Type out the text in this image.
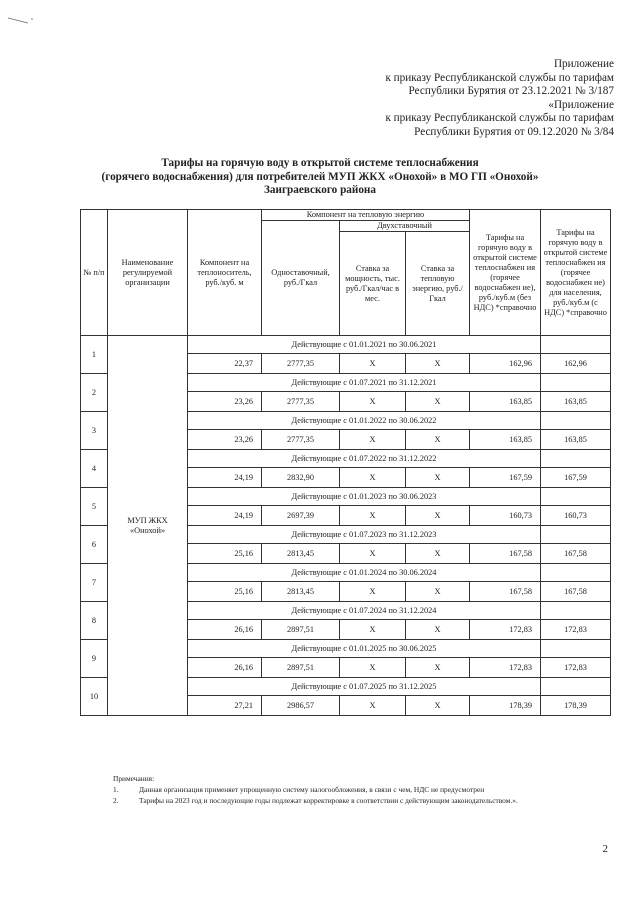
Приложение
к приказу Республиканской службы по тарифам
Республики Бурятия от 23.12.2021 № 3/187
«Приложение
к приказу Республиканской службы по тарифам
Республики Бурятия от 09.12.2020 № 3/84
Тарифы на горячую воду в открытой системе теплоснабжения
(горячего водоснабжения) для потребителей МУП ЖКХ «Онохой» в МО ГП «Онохой»
Заиграевского района
№ п/п	Наименование регулируемой организации	Компонент на теплоноситель, руб./куб. м	Компонент на тепловую энергию			Тарифы на горячую воду в открытой системе теплоснабжен ия (горячее водоснабжен ие), руб./куб.м (без НДС) *справочно	Тарифы на горячую воду в открытой системе теплоснабжен ия (горячее водоснабжен ие) для населения, руб./куб.м (с НДС) *справочно
			Одноставочный, руб./Гкал	Двухставочный			
				Ставка за мощность, тыс. руб./Гкал/час в мес.	Ставка за тепловую энергию, руб./Гкал		
1	МУП ЖКХ «Онохой»	Действующие с 01.01.2021 по 30.06.2021					
		22,37	2777,35	Х	Х	162,96	162,96
2		Действующие с 01.07.2021 по 31.12.2021					
		23,26	2777,35	Х	Х	163,85	163,85
3		Действующие с 01.01.2022 по 30.06.2022					
		23,26	2777,35	Х	Х	163,85	163,85
4		Действующие с 01.07.2022 по 31.12.2022					
		24,19	2832,90	Х	Х	167,59	167,59
5		Действующие с 01.01.2023 по 30.06.2023					
		24,19	2697,39	Х	Х	160,73	160,73
6		Действующие с 01.07.2023 по 31.12.2023					
		25,16	2813,45	Х	Х	167,58	167,58
7		Действующие с 01.01.2024 по 30.06.2024					
		25,16	2813,45	Х	Х	167,58	167,58
8		Действующие с 01.07.2024 по 31.12.2024					
		26,16	2897,51	Х	Х	172,83	172,83
9		Действующие с 01.01.2025 по 30.06.2025					
		26,16	2897,51	Х	Х	172,83	172,83
10		Действующие с 01.07.2025 по 31.12.2025					
		27,21	2986,57	Х	Х	178,39	178,39
Примечания:
1.	Данная организация применяет упрощенную систему налогообложения, в связи с чем, НДС не предусмотрен
2.	Тарифы на 2023 год и последующие годы подлежат корректировке в соответствии с действующим законодательством.».
2
